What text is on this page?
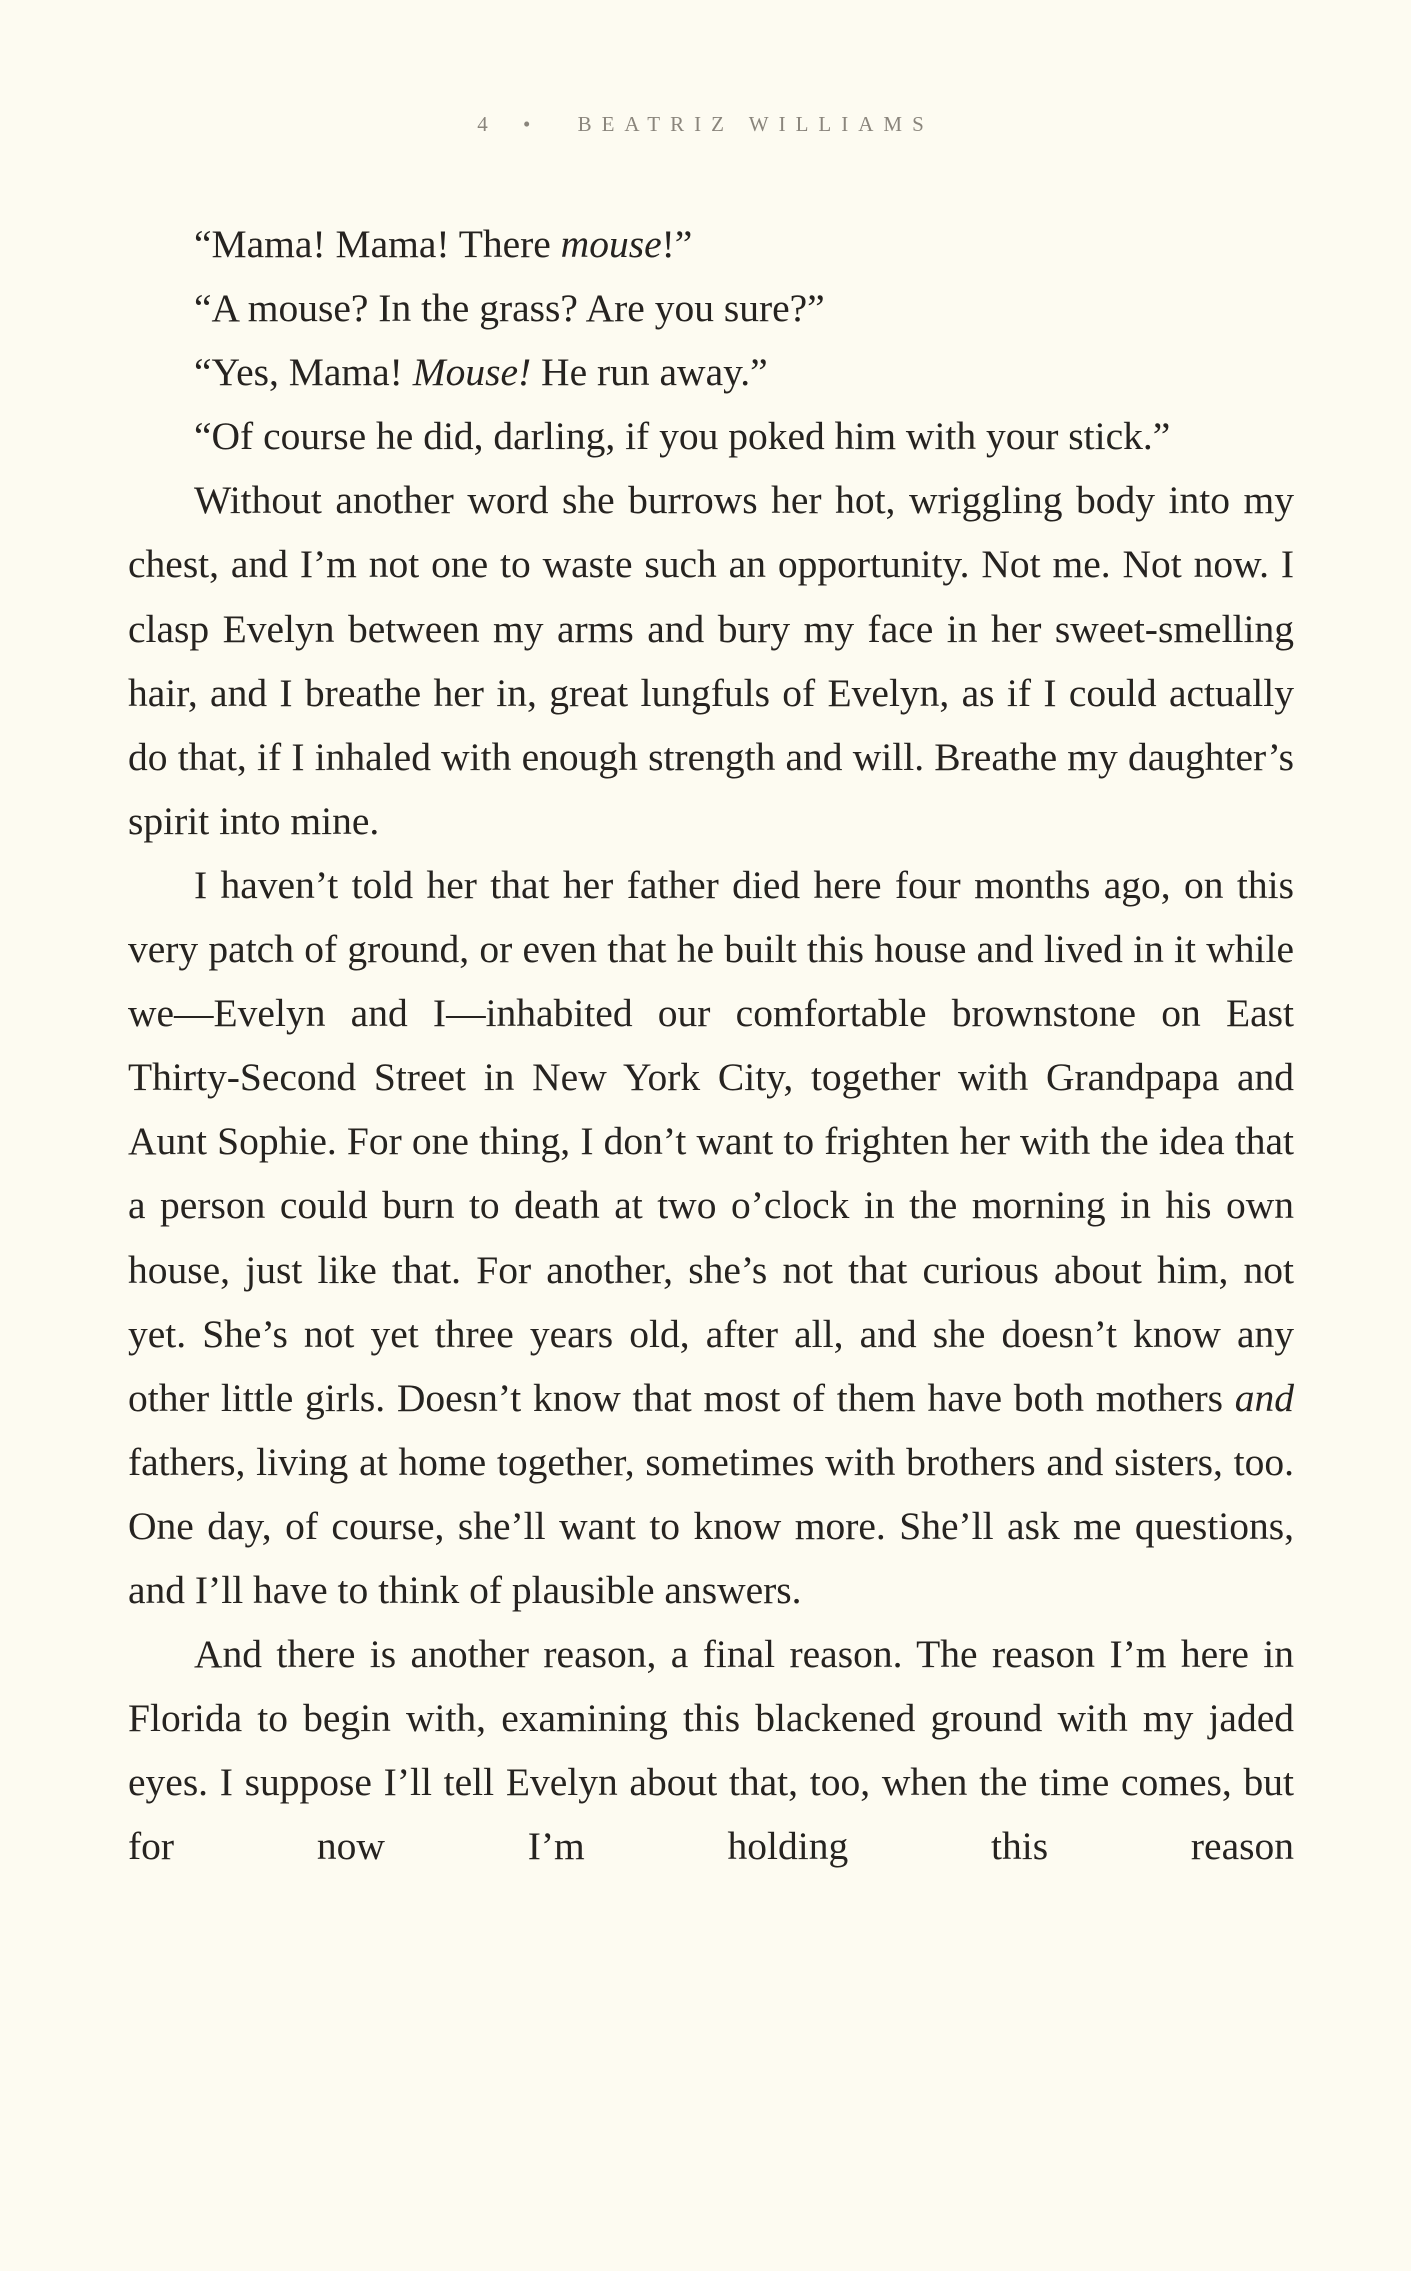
4 • BEATRIZ WILLIAMS

“Mama! Mama! There mouse!”

“A mouse? In the grass? Are you sure?”

“Yes, Mama! Mouse! He run away.”

“Of course he did, darling, if you poked him with your stick.”

Without another word she burrows her hot, wriggling body into my chest, and I’m not one to waste such an opportunity. Not me. Not now. I clasp Evelyn between my arms and bury my face in her sweet-smelling hair, and I breathe her in, great lungfuls of Evelyn, as if I could actually do that, if I inhaled with enough strength and will. Breathe my daughter’s spirit into mine.

I haven’t told her that her father died here four months ago, on this very patch of ground, or even that he built this house and lived in it while we—Evelyn and I—inhabited our comfortable brownstone on East Thirty-Second Street in New York City, together with Grandpapa and Aunt Sophie. For one thing, I don’t want to frighten her with the idea that a person could burn to death at two o’clock in the morning in his own house, just like that. For another, she’s not that curious about him, not yet. She’s not yet three years old, after all, and she doesn’t know any other little girls. Doesn’t know that most of them have both mothers and fathers, living at home together, sometimes with brothers and sisters, too. One day, of course, she’ll want to know more. She’ll ask me questions, and I’ll have to think of plausible answers.

And there is another reason, a final reason. The reason I’m here in Florida to begin with, examining this blackened ground with my jaded eyes. I suppose I’ll tell Evelyn about that, too, when the time comes, but for now I’m holding this reason
